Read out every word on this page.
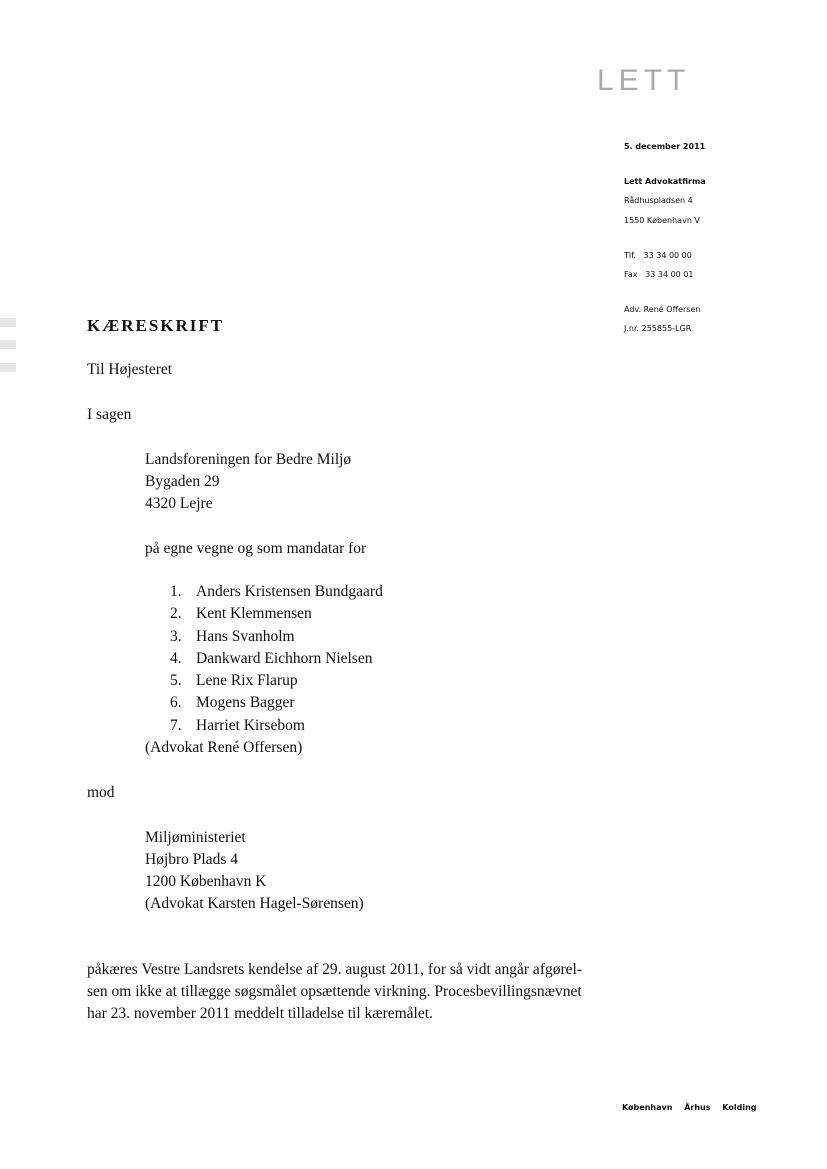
LETT
5. december 2011
Lett Advokatfirma
Rådhuspladsen 4
1550 København V
Tlf.   33 34 00 00
Fax   33 34 00 01
Adv. René Offersen
J.nr. 255855-LGR
KÆRESKRIFT
Til Højesteret
I sagen
Landsforeningen for Bedre Miljø
Bygaden 29
4320 Lejre
på egne vegne og som mandatar for
1. Anders Kristensen Bundgaard
2. Kent Klemmensen
3. Hans Svanholm
4. Dankward Eichhorn Nielsen
5. Lene Rix Flarup
6. Mogens Bagger
7. Harriet Kirsebom
(Advokat René Offersen)
mod
Miljøministeriet
Højbro Plads 4
1200 København K
(Advokat Karsten Hagel-Sørensen)
påkæres Vestre Landsrets kendelse af 29. august 2011, for så vidt angår afgørel-
sen om ikke at tillægge søgsmålet opsættende virkning. Procesbevillingsnævnet
har 23. november 2011 meddelt tilladelse til kæremålet.
København Århus Kolding
